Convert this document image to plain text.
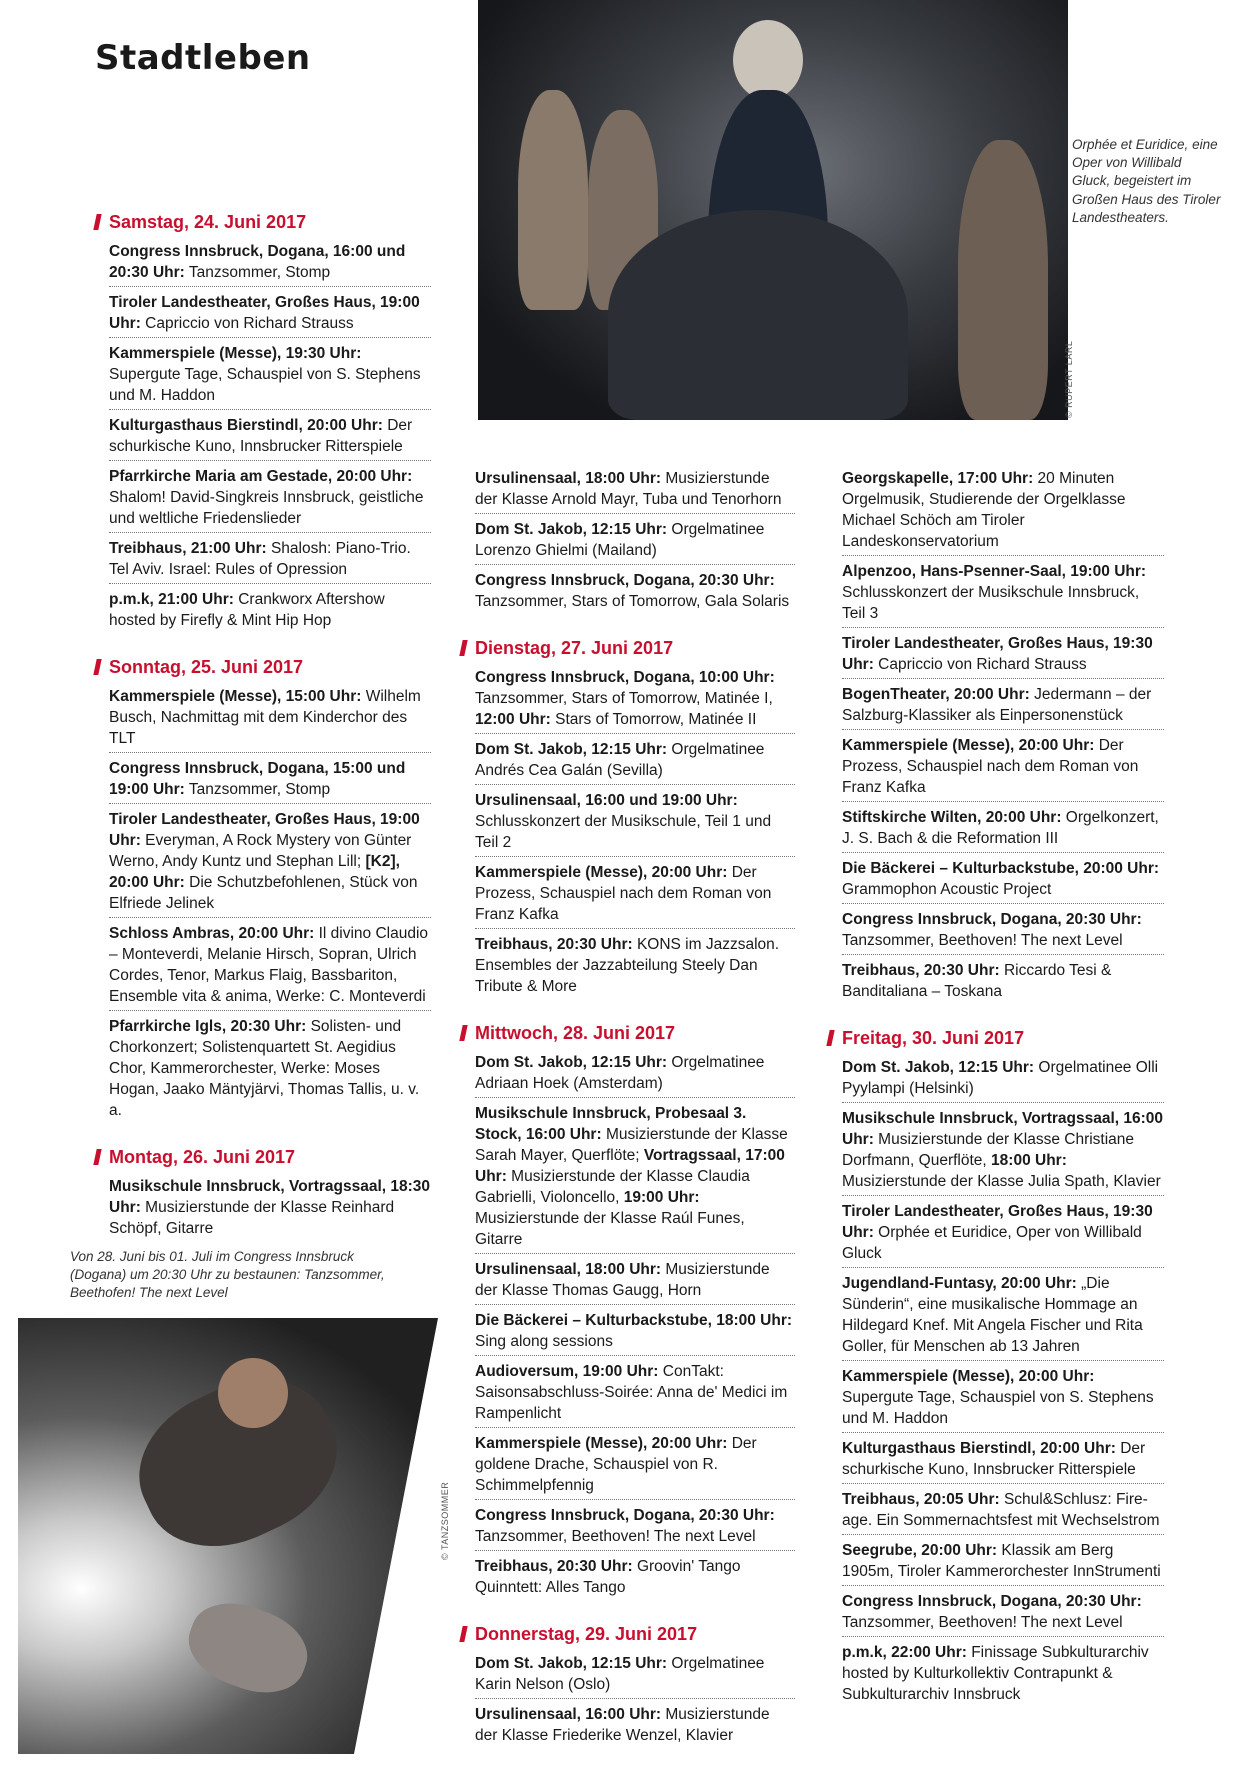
Stadtleben
© RUPERT LARL
Orphée et Euridice, eine Oper von Willibald Gluck, begeistert im Großen Haus des Tiroler Landestheaters.
Samstag, 24. Juni 2017
Congress Innsbruck, Dogana, 16:00 und 20:30 Uhr: Tanzsommer, Stomp
Tiroler Landestheater, Großes Haus, 19:00 Uhr: Capriccio von Richard Strauss
Kammerspiele (Messe), 19:30 Uhr: Supergute Tage, Schauspiel von S. Stephens und M. Haddon
Kulturgasthaus Bierstindl, 20:00 Uhr: Der schurkische Kuno, Innsbrucker Ritterspiele
Pfarrkirche Maria am Gestade, 20:00 Uhr: Shalom! David-Singkreis Innsbruck, geistliche und weltliche Friedenslieder
Treibhaus, 21:00 Uhr: Shalosh: Piano-Trio. Tel Aviv. Israel: Rules of Opression
p.m.k, 21:00 Uhr: Crankworx Aftershow hosted by Firefly & Mint Hip Hop
Sonntag, 25. Juni 2017
Kammerspiele (Messe), 15:00 Uhr: Wilhelm Busch, Nachmittag mit dem Kinderchor des TLT
Congress Innsbruck, Dogana, 15:00 und 19:00 Uhr: Tanzsommer, Stomp
Tiroler Landestheater, Großes Haus, 19:00 Uhr: Everyman, A Rock Mystery von Günter Werno, Andy Kuntz und Stephan Lill; [K2], 20:00 Uhr: Die Schutzbefohlenen, Stück von Elfriede Jelinek
Schloss Ambras, 20:00 Uhr: Il divino Claudio – Monteverdi, Melanie Hirsch, Sopran, Ulrich Cordes, Tenor, Markus Flaig, Bassbariton, Ensemble vita & anima, Werke: C. Monteverdi
Pfarrkirche Igls, 20:30 Uhr: Solisten- und Chorkonzert; Solistenquartett St. Aegidius Chor, Kammerorchester, Werke: Moses Hogan, Jaako Mäntyjärvi, Thomas Tallis, u. v. a.
Montag, 26. Juni 2017
Musikschule Innsbruck, Vortragssaal, 18:30 Uhr: Musizierstunde der Klasse Reinhard Schöpf, Gitarre
Ursulinensaal, 18:00 Uhr: Musizierstunde der Klasse Arnold Mayr, Tuba und Tenorhorn
Dom St. Jakob, 12:15 Uhr: Orgelmatinee Lorenzo Ghielmi (Mailand)
Congress Innsbruck, Dogana, 20:30 Uhr: Tanzsommer, Stars of Tomorrow, Gala Solaris
Dienstag, 27. Juni 2017
Congress Innsbruck, Dogana, 10:00 Uhr: Tanzsommer, Stars of Tomorrow, Matinée I, 12:00 Uhr: Stars of Tomorrow, Matinée II
Dom St. Jakob, 12:15 Uhr: Orgelmatinee Andrés Cea Galán (Sevilla)
Ursulinensaal, 16:00 und 19:00 Uhr: Schlusskonzert der Musikschule, Teil 1 und Teil 2
Kammerspiele (Messe), 20:00 Uhr: Der Prozess, Schauspiel nach dem Roman von Franz Kafka
Treibhaus, 20:30 Uhr: KONS im Jazzsalon. Ensembles der Jazzabteilung Steely Dan Tribute & More
Mittwoch, 28. Juni 2017
Dom St. Jakob, 12:15 Uhr: Orgelmatinee Adriaan Hoek (Amsterdam)
Musikschule Innsbruck, Probesaal 3. Stock, 16:00 Uhr: Musizierstunde der Klasse Sarah Mayer, Querflöte; Vortragssaal, 17:00 Uhr: Musizierstunde der Klasse Claudia Gabrielli, Violoncello, 19:00 Uhr: Musizierstunde der Klasse Raúl Funes, Gitarre
Ursulinensaal, 18:00 Uhr: Musizierstunde der Klasse Thomas Gaugg, Horn
Die Bäckerei – Kulturbackstube, 18:00 Uhr: Sing along sessions
Audioversum, 19:00 Uhr: ConTakt: Saisonsabschluss-Soirée: Anna de' Medici im Rampenlicht
Kammerspiele (Messe), 20:00 Uhr: Der goldene Drache, Schauspiel von R. Schimmelpfennig
Congress Innsbruck, Dogana, 20:30 Uhr: Tanzsommer, Beethoven! The next Level
Treibhaus, 20:30 Uhr: Groovin' Tango Quinntett: Alles Tango
Donnerstag, 29. Juni 2017
Dom St. Jakob, 12:15 Uhr: Orgelmatinee Karin Nelson (Oslo)
Ursulinensaal, 16:00 Uhr: Musizierstunde der Klasse Friederike Wenzel, Klavier
Georgskapelle, 17:00 Uhr: 20 Minuten Orgelmusik, Studierende der Orgelklasse Michael Schöch am Tiroler Landeskonservatorium
Alpenzoo, Hans-Psenner-Saal, 19:00 Uhr: Schlusskonzert der Musikschule Innsbruck, Teil 3
Tiroler Landestheater, Großes Haus, 19:30 Uhr: Capriccio von Richard Strauss
BogenTheater, 20:00 Uhr: Jedermann – der Salzburg-Klassiker als Einpersonenstück
Kammerspiele (Messe), 20:00 Uhr: Der Prozess, Schauspiel nach dem Roman von Franz Kafka
Stiftskirche Wilten, 20:00 Uhr: Orgelkonzert, J. S. Bach & die Reformation III
Die Bäckerei – Kulturbackstube, 20:00 Uhr: Grammophon Acoustic Project
Congress Innsbruck, Dogana, 20:30 Uhr: Tanzsommer, Beethoven! The next Level
Treibhaus, 20:30 Uhr: Riccardo Tesi & Banditaliana – Toskana
Freitag, 30. Juni 2017
Dom St. Jakob, 12:15 Uhr: Orgelmatinee Olli Pyylampi (Helsinki)
Musikschule Innsbruck, Vortragssaal, 16:00 Uhr: Musizierstunde der Klasse Christiane Dorfmann, Querflöte, 18:00 Uhr: Musizierstunde der Klasse Julia Spath, Klavier
Tiroler Landestheater, Großes Haus, 19:30 Uhr: Orphée et Euridice, Oper von Willibald Gluck
Jugendland-Funtasy, 20:00 Uhr: „Die Sünderin“, eine musikalische Hommage an Hildegard Knef. Mit Angela Fischer und Rita Goller, für Menschen ab 13 Jahren
Kammerspiele (Messe), 20:00 Uhr: Supergute Tage, Schauspiel von S. Stephens und M. Haddon
Kulturgasthaus Bierstindl, 20:00 Uhr: Der schurkische Kuno, Innsbrucker Ritterspiele
Treibhaus, 20:05 Uhr: Schul&Schlusz: Fire-age. Ein Sommernachtsfest mit Wechselstrom
Seegrube, 20:00 Uhr: Klassik am Berg 1905m, Tiroler Kammerorchester InnStrumenti
Congress Innsbruck, Dogana, 20:30 Uhr: Tanzsommer, Beethoven! The next Level
p.m.k, 22:00 Uhr: Finissage Subkulturarchiv hosted by Kulturkollektiv Contrapunkt & Subkulturarchiv Innsbruck
Von 28. Juni bis 01. Juli im Congress Innsbruck (Dogana) um 20:30 Uhr zu bestaunen: Tanzsommer, Beethofen! The next Level
© TANZSOMMER
